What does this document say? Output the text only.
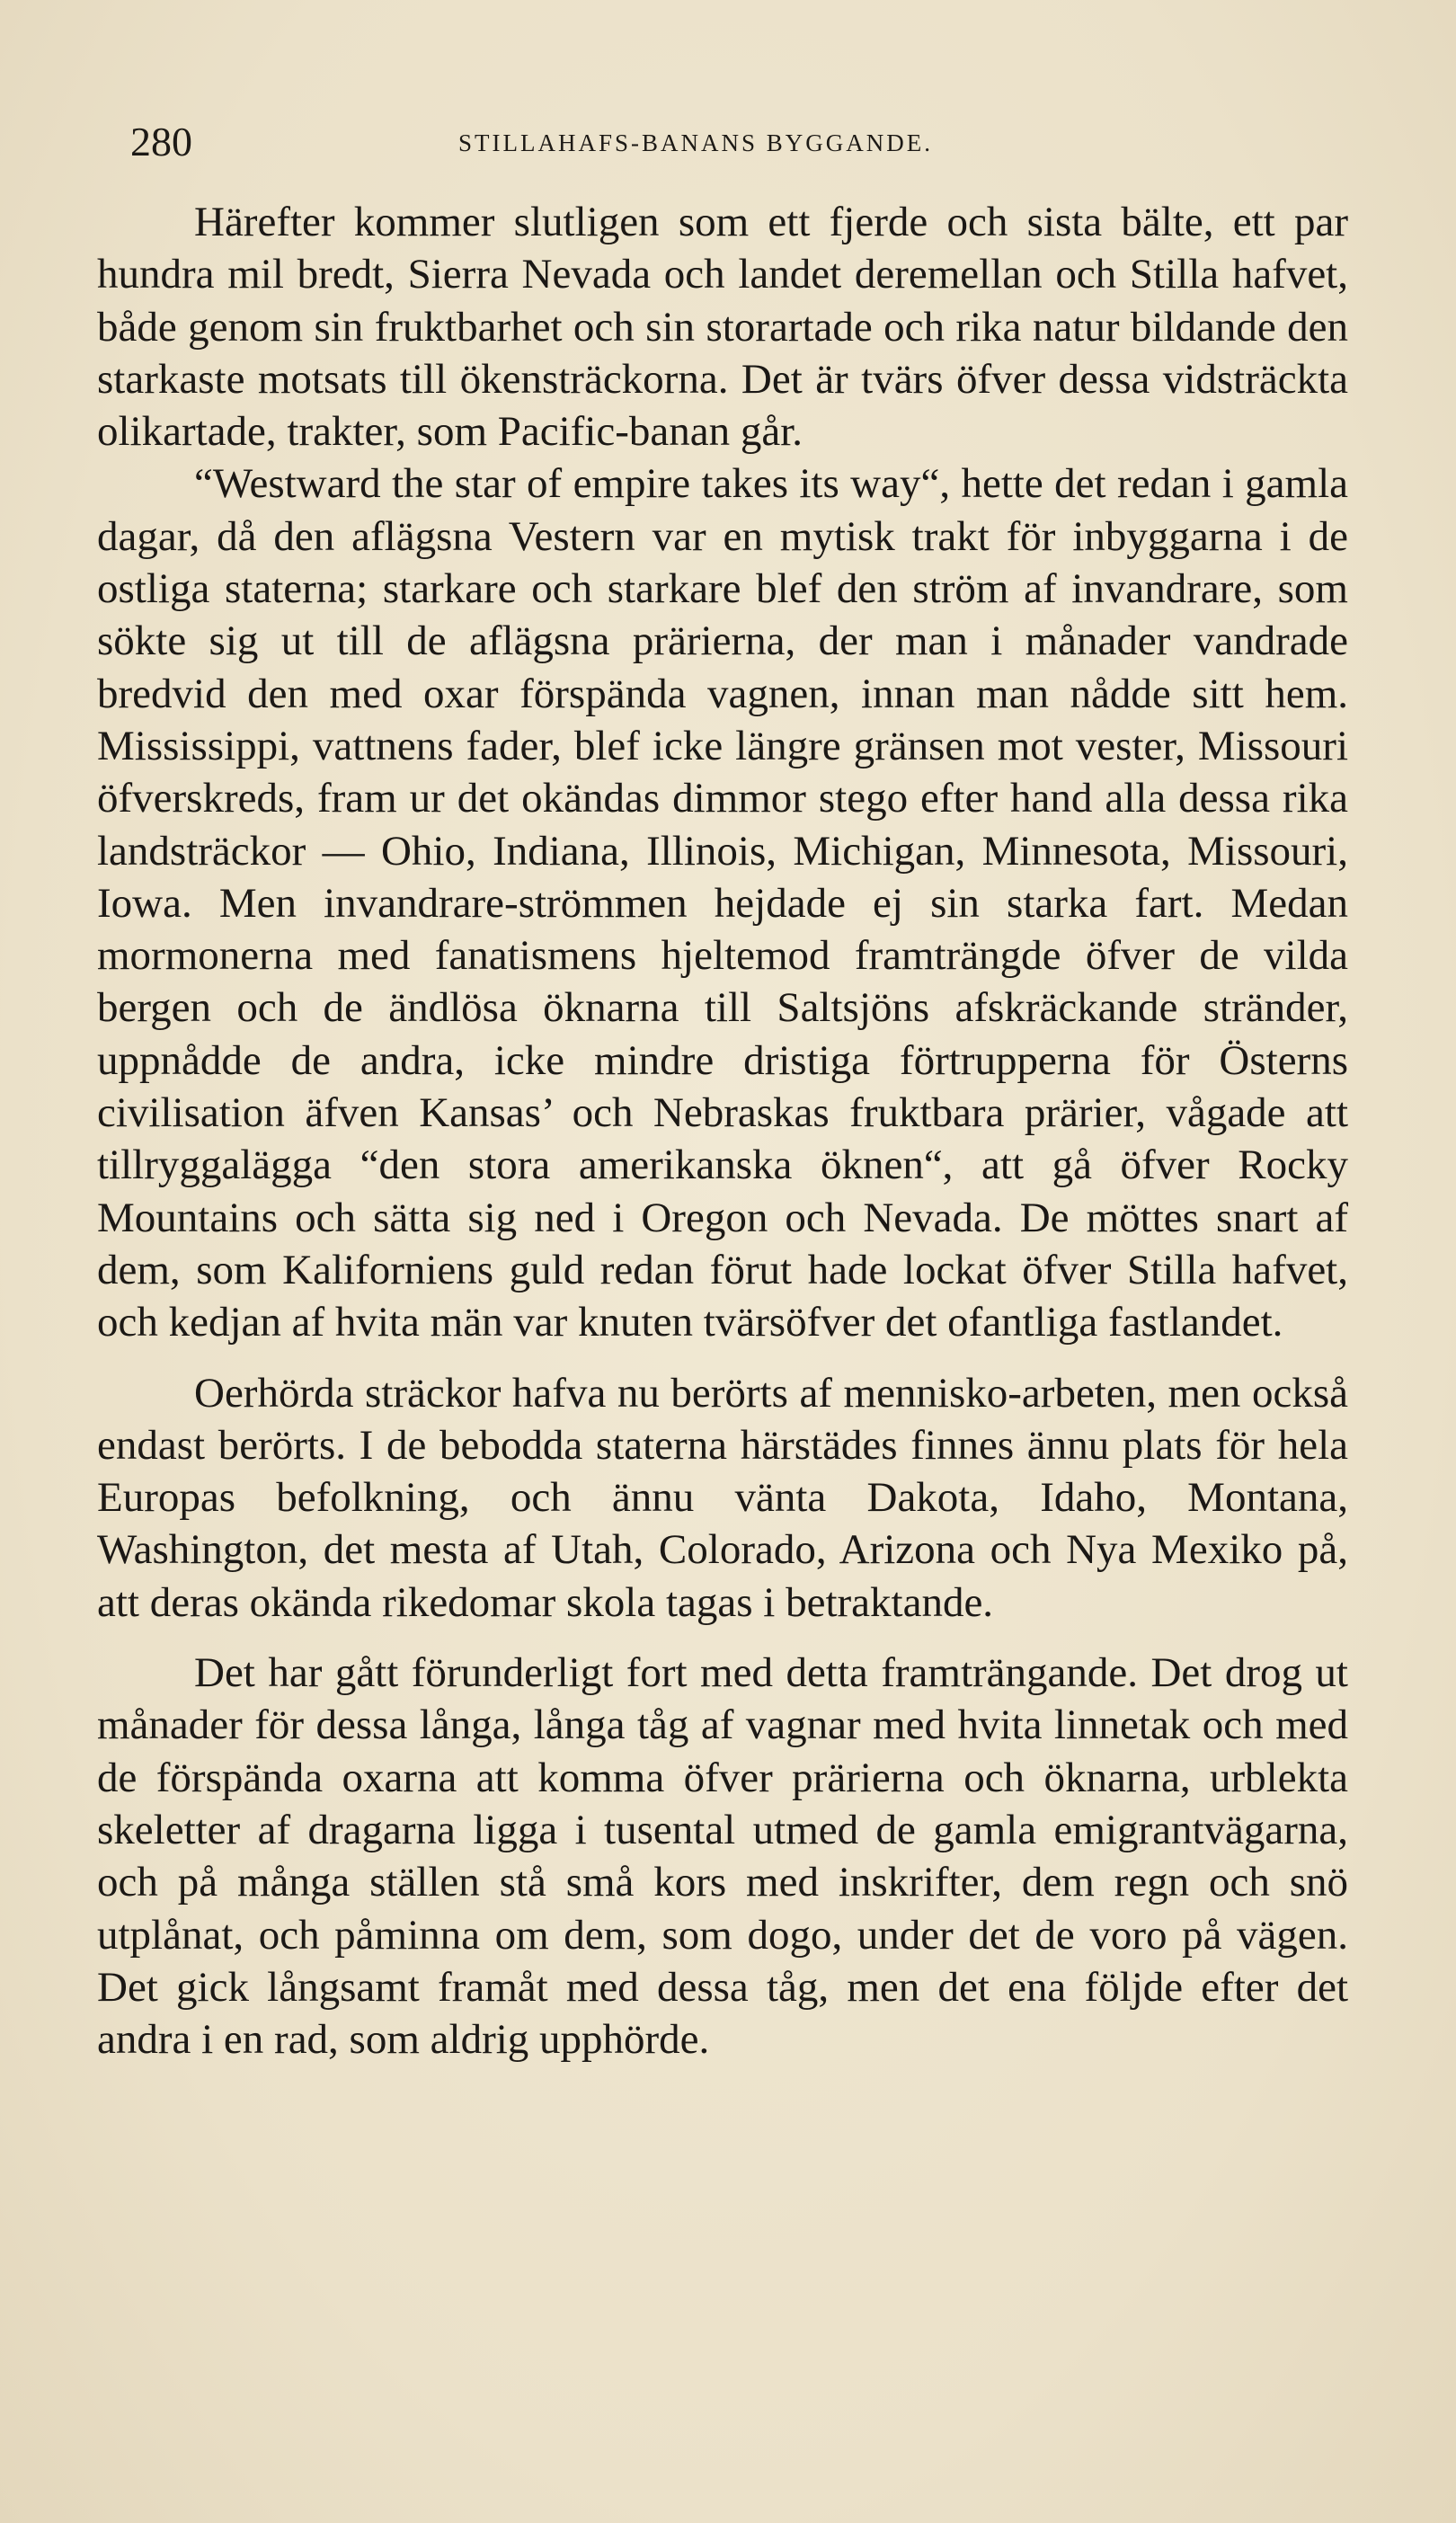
280	STILLAHAFS-BANANS BYGGANDE.

Härefter kommer slutligen som ett fjerde och sista bälte, ett par hundra mil bredt, Sierra Nevada och landet deremellan och Stilla hafvet, både genom sin fruktbarhet och sin storartade och rika natur bildande den starkaste motsats till ökensträckorna. Det är tvärs öfver dessa vidsträckta olikartade, trakter, som Pacific-banan går.

“Westward the star of empire takes its way“, hette det redan i gamla dagar, då den aflägsna Vestern var en mytisk trakt för inbyggarna i de ostliga staterna; starkare och starkare blef den ström af invandrare, som sökte sig ut till de aflägsna prärierna, der man i månader vandrade bredvid den med oxar förspända vagnen, innan man nådde sitt hem. Mississippi, vattnens fader, blef icke längre gränsen mot vester, Missouri öfverskreds, fram ur det okändas dimmor stego efter hand alla dessa rika landsträckor — Ohio, Indiana, Illinois, Michigan, Minnesota, Missouri, Iowa. Men invandrare-strömmen hejdade ej sin starka fart. Medan mormonerna med fanatismens hjeltemod framträngde öfver de vilda bergen och de ändlösa öknarna till Saltsjöns afskräckande stränder, uppnådde de andra, icke mindre dristiga förtrupperna för Österns civilisation äfven Kansas’ och Nebraskas fruktbara prärier, vågade att tillryggalägga “den stora amerikanska öknen“, att gå öfver Rocky Mountains och sätta sig ned i Oregon och Nevada. De möttes snart af dem, som Kaliforniens guld redan förut hade lockat öfver Stilla hafvet, och kedjan af hvita män var knuten tvärsöfver det ofantliga fastlandet.

Oerhörda sträckor hafva nu berörts af mennisko-arbeten, men också endast berörts. I de bebodda staterna härstädes finnes ännu plats för hela Europas befolkning, och ännu vänta Dakota, Idaho, Montana, Washington, det mesta af Utah, Colorado, Arizona och Nya Mexiko på, att deras okända rikedomar skola tagas i betraktande.

Det har gått förunderligt fort med detta framträngande. Det drog ut månader för dessa långa, långa tåg af vagnar med hvita linnetak och med de förspända oxarna att komma öfver prärierna och öknarna, urblekta skeletter af dragarna ligga i tusental utmed de gamla emigrantvägarna, och på många ställen stå små kors med inskrifter, dem regn och snö utplånat, och påminna om dem, som dogo, under det de voro på vägen. Det gick långsamt framåt med dessa tåg, men det ena följde efter det andra i en rad, som aldrig upphörde.
